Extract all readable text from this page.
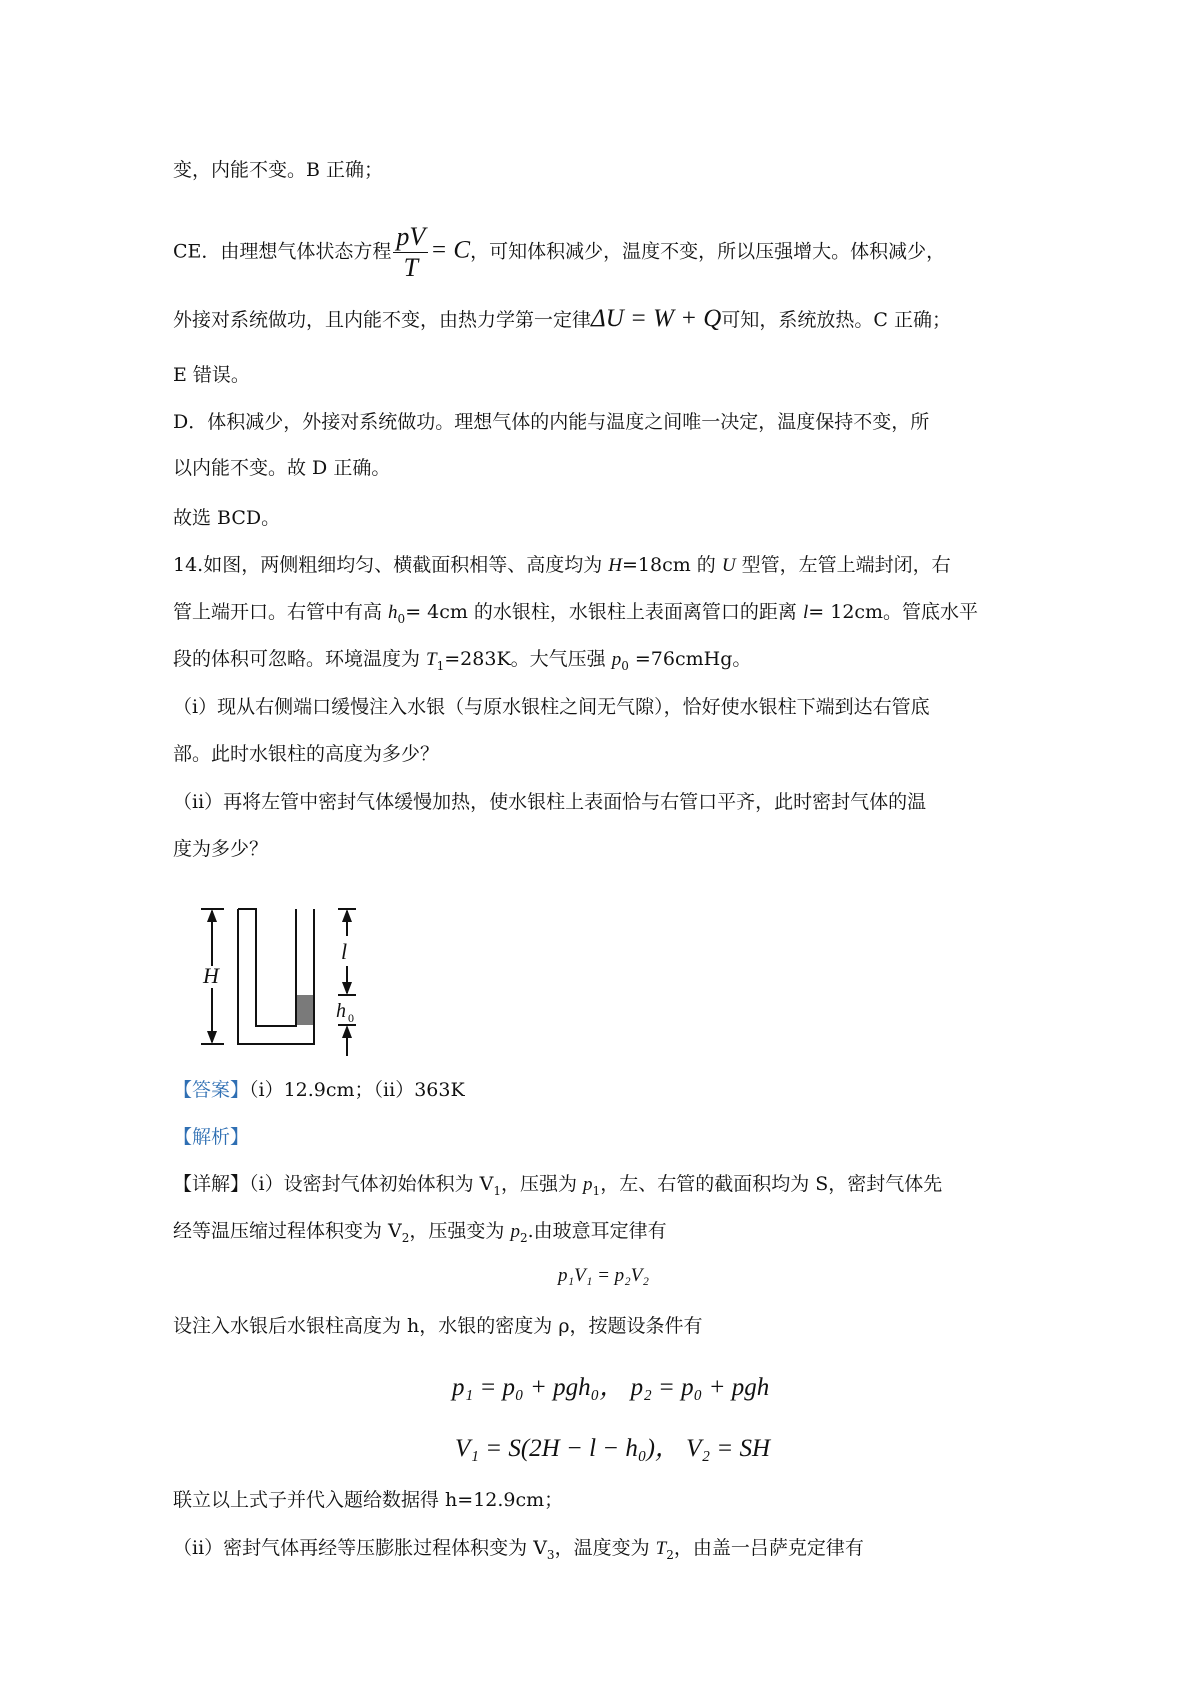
变，内能不变。B 正确；
CE．由理想气体状态方程 $\frac{pV}{T} = C$，可知体积减少，温度不变，所以压强增大。体积减少，
外接对系统做功，且内能不变，由热力学第一定律ΔU = W + Q可知，系统放热。C 正确；
E 错误。
D．体积减少，外接对系统做功。理想气体的内能与温度之间唯一决定，温度保持不变，所
以内能不变。故 D 正确。
故选 BCD。
14.如图，两侧粗细均匀、横截面积相等、高度均为 H=18cm 的 U 型管，左管上端封闭，右
管上端开口。右管中有高 $h_0= 4cm$ 的水银柱，水银柱上表面离管口的距离 l= 12cm。管底水平
段的体积可忽略。环境温度为 $T_1=283K$。大气压强 $p_0$ =76cmHg。
（i）现从右侧端口缓慢注入水银（与原水银柱之间无气隙），恰好使水银柱下端到达右管底
部。此时水银柱的高度为多少？
（ii）再将左管中密封气体缓慢加热，使水银柱上表面恰与右管口平齐，此时密封气体的温
度为多少？
H
l
h 0
【答案】（i）12.9cm；（ii）363K
【解析】
【详解】（i）设密封气体初始体积为 $V_1$，压强为 $p_1$，左、右管的截面积均为 S，密封气体先
经等温压缩过程体积变为 $V_2$，压强变为 $p_2$.由玻意耳定律有
p₁V₁ = p₂V₂
设注入水银后水银柱高度为 h，水银的密度为 ρ，按题设条件有
p₁ = p₀ + pgh₀， p₂ = p₀ + pgh
V₁ = S(2H − l − h₀)， V₂ = SH
联立以上式子并代入题给数据得 h=12.9cm；
（ii）密封气体再经等压膨胀过程体积变为 $V_3$，温度变为 $T_2$，由盖一吕萨克定律有
